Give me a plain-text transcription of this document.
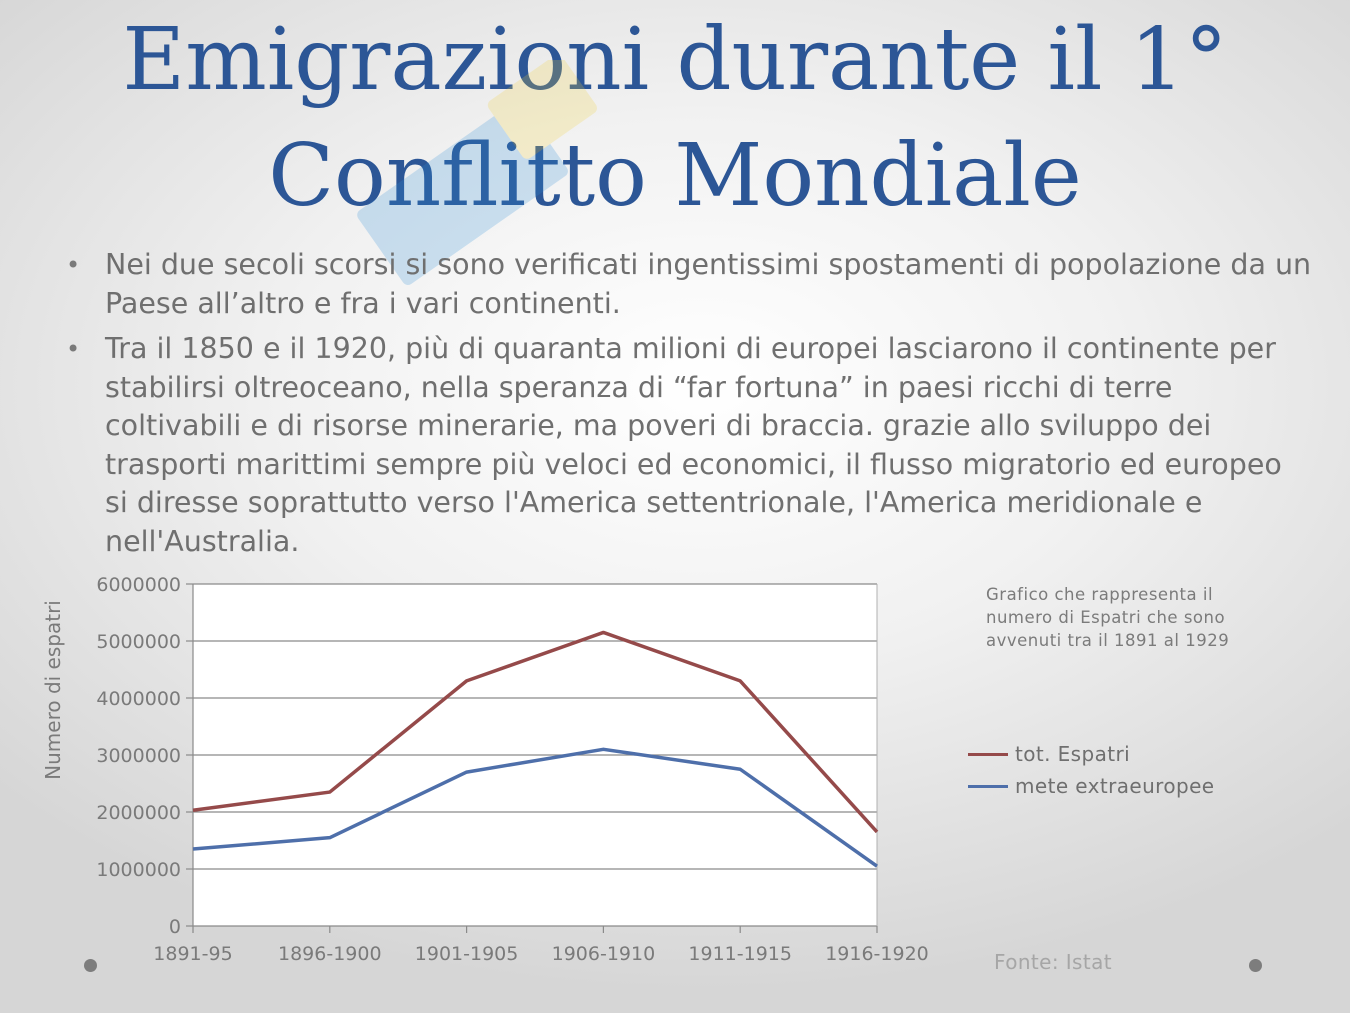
Emigrazioni durante il 1°
Conflitto Mondiale
• Nei due secoli scorsi si sono verificati ingentissimi spostamenti di popolazione da un Paese all’altro e fra i vari continenti.
• Tra il 1850 e il 1920, più di quaranta milioni di europei lasciarono il continente per stabilirsi oltreoceano, nella speranza di “far fortuna” in paesi ricchi di terre coltivabili e di risorse minerarie, ma poveri di braccia. grazie allo sviluppo dei trasporti marittimi sempre più veloci ed economici, il flusso migratorio ed europeo si diresse soprattutto verso l'America settentrionale, l'America meridionale e nell'Australia.
0
1000000
2000000
3000000
4000000
5000000
6000000
1891-95 1896-1900 1901-1905 1906-1910 1911-1915 1916-1920
Numero di espatri
Grafico che rappresenta il numero di Espatri che sono avvenuti tra il 1891 al 1929
tot. Espatri
mete extraeuropee
Fonte: Istat
